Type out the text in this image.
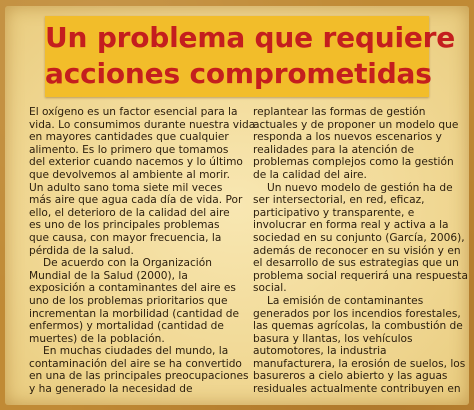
Un problema que requiere
acciones comprometidas

El oxígeno es un factor esencial para la

vida. Lo consumimos durante nuestra vida

en mayores cantidades que cualquier

alimento. Es lo primero que tomamos

del exterior cuando nacemos y lo último

que devolvemos al ambiente al morir.

Un adulto sano toma siete mil veces

más aire que agua cada día de vida. Por

ello, el deterioro de la calidad del aire

es uno de los principales problemas

que causa, con mayor frecuencia, la

pérdida de la salud.

De acuerdo con la Organización

Mundial de la Salud (2000), la

exposición a contaminantes del aire es

uno de los problemas prioritarios que

incrementan la morbilidad (cantidad de

enfermos) y mortalidad (cantidad de

muertes) de la población.

En muchas ciudades del mundo, la

contaminación del aire se ha convertido

en una de las principales preocupaciones

y ha generado la necesidad de

replantear las formas de gestión

actuales y de proponer un modelo que

responda a los nuevos escenarios y

realidades para la atención de

problemas complejos como la gestión

de la calidad del aire.

Un nuevo modelo de gestión ha de

ser intersectorial, en red, eficaz,

participativo y transparente, e

involucrar en forma real y activa a la

sociedad en su conjunto (García, 2006),

además de reconocer en su visión y en

el desarrollo de sus estrategias que un

problema social requerirá una respuesta

social.

La emisión de contaminantes

generados por los incendios forestales,

las quemas agrícolas, la combustión de

basura y llantas, los vehículos

automotores, la industria

manufacturera, la erosión de suelos, los

basureros a cielo abierto y las aguas

residuales actualmente contribuyen en
